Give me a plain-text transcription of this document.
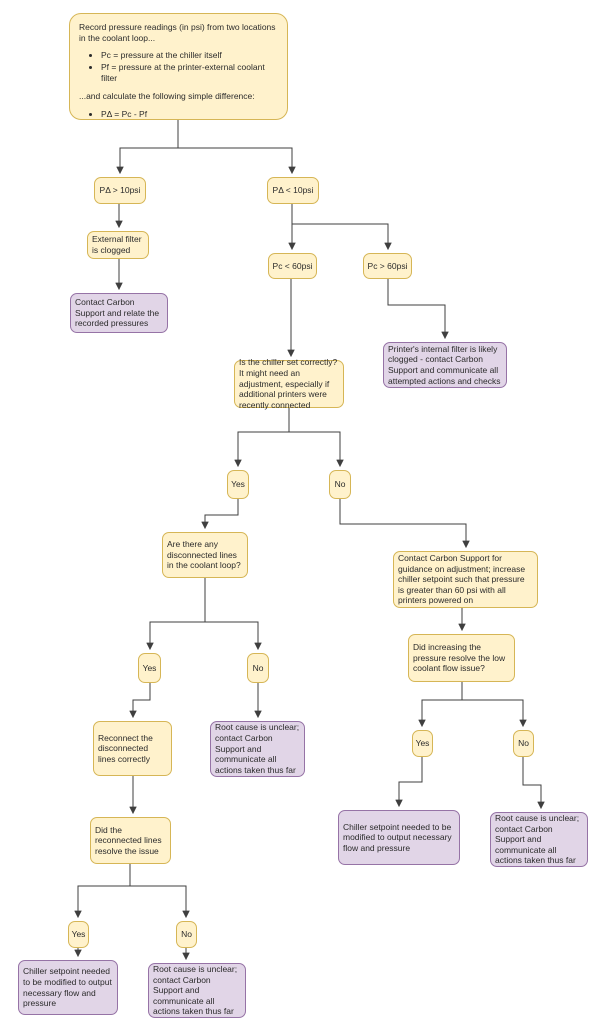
Record pressure readings (in psi) from two locations in the coolant loop...

• Pc = pressure at the chiller itself
• Pf = pressure at the printer-external coolant filter

...and calculate the following simple difference:

• PΔ = Pc - Pf
PΔ > 10psi	PΔ < 10psi
External filter is clogged
Contact Carbon Support and relate the recorded pressures
Pc < 60psi	Pc > 60psi
Printer's internal filter is likely clogged - contact Carbon Support and communicate all attempted actions and checks
Is the chiller set correctly? It might need an adjustment, especially if additional printers were recently connected
Yes	No
Are there any disconnected lines in the coolant loop?
Contact Carbon Support for guidance on adjustment; increase chiller setpoint such that pressure is greater than 60 psi with all printers powered on
Yes	No
Reconnect the disconnected lines correctly
Root cause is unclear; contact Carbon Support and communicate all actions taken thus far
Did increasing the pressure resolve the low coolant flow issue?
Yes	No
Did the reconnected lines resolve the issue
Chiller setpoint needed to be modified to output necessary flow and pressure
Root cause is unclear; contact Carbon Support and communicate all actions taken thus far
Yes	No
Chiller setpoint needed to be modified to output necessary flow and pressure
Root cause is unclear; contact Carbon Support and communicate all actions taken thus far
